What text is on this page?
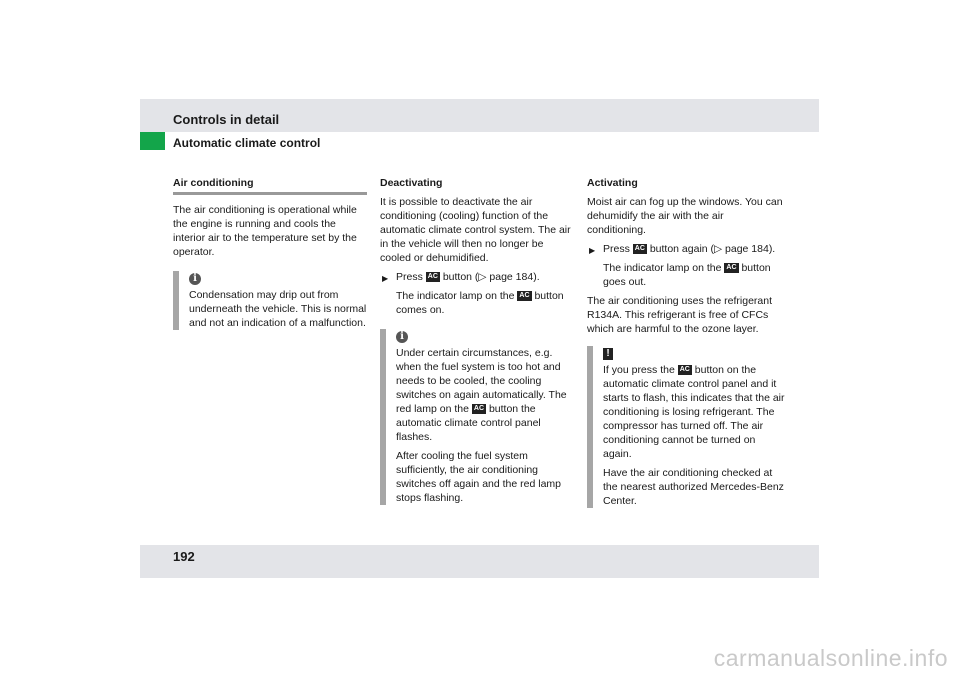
Controls in detail
Automatic climate control
Air conditioning

The air conditioning is operational while the engine is running and cools the interior air to the temperature set by the operator.

i

Condensation may drip out from underneath the vehicle. This is normal and not an indication of a malfunction.

Deactivating

It is possible to deactivate the air conditioning (cooling) function of the automatic climate control system. The air in the vehicle will then no longer be cooled or dehumidified.

▶ Press AC button (▷ page 184).

The indicator lamp on the AC button comes on.

i

Under certain circumstances, e.g. when the fuel system is too hot and needs to be cooled, the cooling switches on again automatically. The red lamp on the AC button the automatic climate control panel flashes.

After cooling the fuel system sufficiently, the air conditioning switches off again and the red lamp stops flashing.

Activating

Moist air can fog up the windows. You can dehumidify the air with the air conditioning.

▶ Press AC button again (▷ page 184).

The indicator lamp on the AC button goes out.

The air conditioning uses the refrigerant R134A. This refrigerant is free of CFCs which are harmful to the ozone layer.

!

If you press the AC button on the automatic climate control panel and it starts to flash, this indicates that the air conditioning is losing refrigerant. The compressor has turned off. The air conditioning cannot be turned on again.

Have the air conditioning checked at the nearest authorized Mercedes-Benz Center.

192
carmanualsonline.info
